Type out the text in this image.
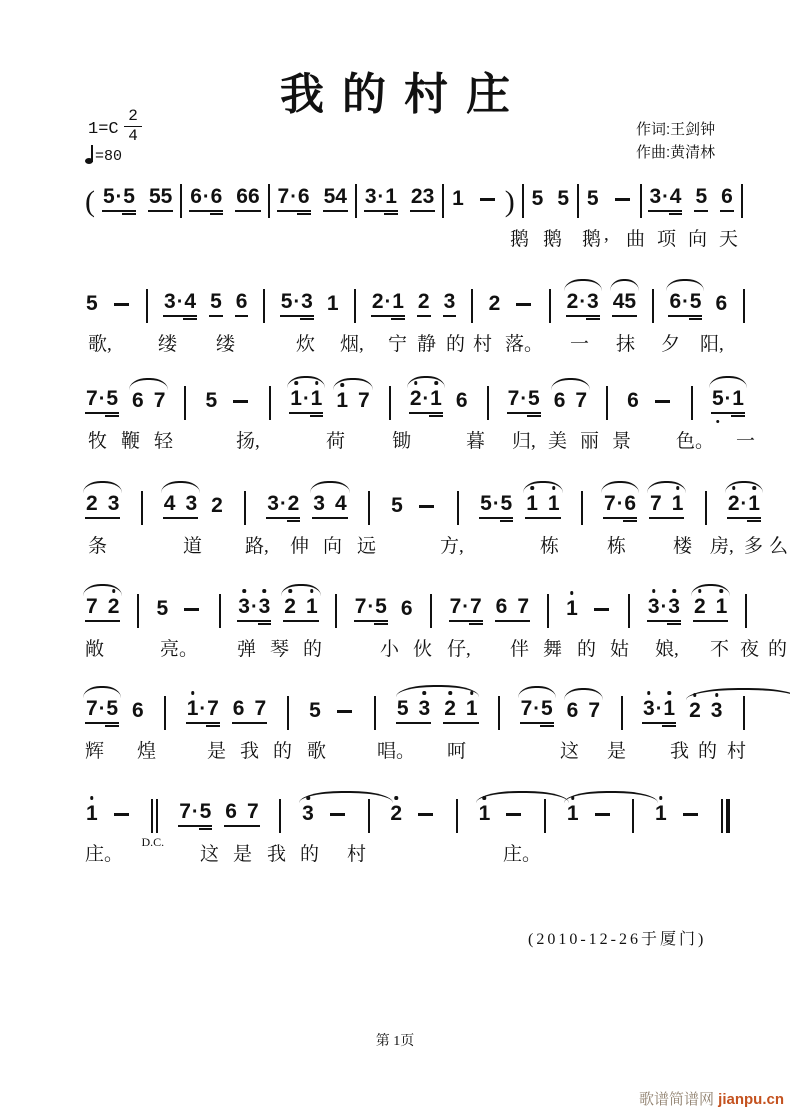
我的村庄
1=C
2
4
=80
作词:王剑钟
作曲:黄清林
( 5 · 5 5 5 6 · 6 6 6 7 · 6 5 4 3 · 1 2 3 1 ) 5 5 5 3 · 4 5 6
鹅 鹅 鹅 , 曲 项 向 天
5	3 · 4 5 6 5 · 3 1 2 · 1 2 3 2	2 · 3 4 5 6 · 5 6
歌, 缕 缕	炊 烟, 宁 静 的 村 落。 一 抹 夕 阳,
7 · 5 6 7 5	1 · 1 1 7 2 · 1 6 7 · 5 6 7 6	5 · 1
牧 鞭 轻	扬,	荷 锄	暮 归, 美 丽 景 色。 一
2 3 4 3 2 3 · 2 3 4 5	5 · 5 1 1 7 · 6 7 1 2 · 1
条	道 路, 伸 向 远	方,	栋	栋 楼 房, 多 么
7 2 5	3 · 3 2 1 7 · 5 6 7 · 7 6 7 1	3 · 3 2 1
敞	亮。 弹 琴 的	小 伙 仔, 伴 舞 的 姑 娘, 不 夜 的
7 · 5 6 1 · 7 6 7 5	5 3 2 1 7 · 5 6 7 3 · 1 2 3
辉 煌	是 我 的 歌	唱。 呵	这 是 我 的 村
1
D.C.
7 · 5 6 7 3	2	1	1	1
庄。	这 是 我 的 村	庄。
(2010-12-26于厦门)
第 1页
歌谱简谱网 jianpu.cn
